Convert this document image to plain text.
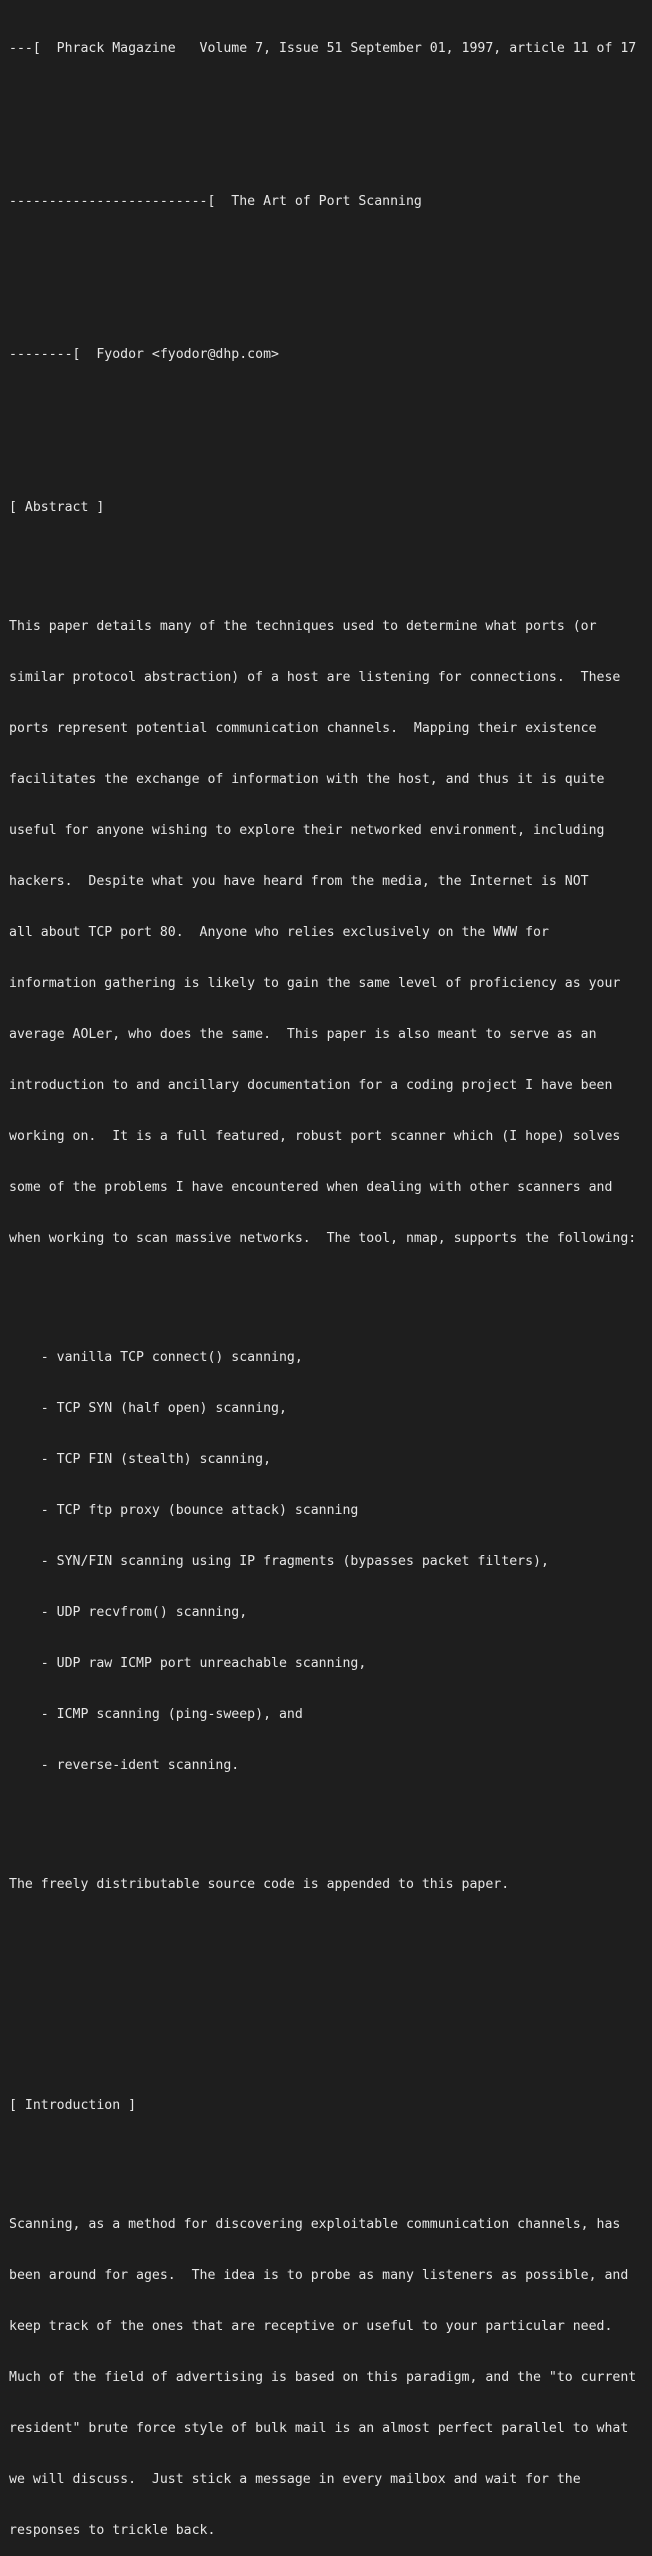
---[  Phrack Magazine   Volume 7, Issue 51 September 01, 1997, article 11 of 17

-------------------------[  The Art of Port Scanning

--------[  Fyodor <fyodor@dhp.com>

[ Abstract ]

This paper details many of the techniques used to determine what ports (or

similar protocol abstraction) of a host are listening for connections.  These

ports represent potential communication channels.  Mapping their existence

facilitates the exchange of information with the host, and thus it is quite

useful for anyone wishing to explore their networked environment, including

hackers.  Despite what you have heard from the media, the Internet is NOT

all about TCP port 80.  Anyone who relies exclusively on the WWW for

information gathering is likely to gain the same level of proficiency as your

average AOLer, who does the same.  This paper is also meant to serve as an

introduction to and ancillary documentation for a coding project I have been

working on.  It is a full featured, robust port scanner which (I hope) solves

some of the problems I have encountered when dealing with other scanners and

when working to scan massive networks.  The tool, nmap, supports the following:

- vanilla TCP connect() scanning,

- TCP SYN (half open) scanning,

- TCP FIN (stealth) scanning,

- TCP ftp proxy (bounce attack) scanning

- SYN/FIN scanning using IP fragments (bypasses packet filters),

- UDP recvfrom() scanning,

- UDP raw ICMP port unreachable scanning,

- ICMP scanning (ping-sweep), and

- reverse-ident scanning.

The freely distributable source code is appended to this paper.

[ Introduction ]

Scanning, as a method for discovering exploitable communication channels, has

been around for ages.  The idea is to probe as many listeners as possible, and

keep track of the ones that are receptive or useful to your particular need.

Much of the field of advertising is based on this paradigm, and the "to current

resident" brute force style of bulk mail is an almost perfect parallel to what

we will discuss.  Just stick a message in every mailbox and wait for the

responses to trickle back.
